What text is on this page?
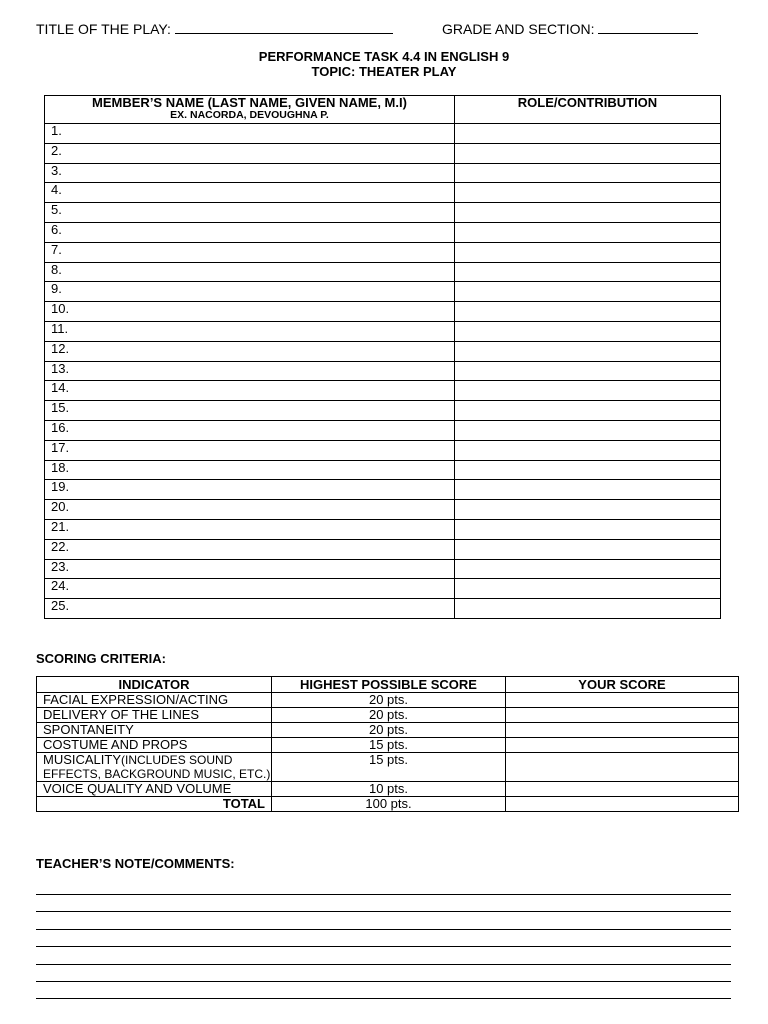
TITLE OF THE PLAY:	GRADE AND SECTION:
PERFORMANCE TASK 4.4 IN ENGLISH 9
TOPIC: THEATER PLAY
MEMBER’S NAME (LAST NAME, GIVEN NAME, M.I)
EX. NACORDA, DEVOUGHNA P.	ROLE/CONTRIBUTION
1.	
2.	
3.	
4.	
5.	
6.	
7.	
8.	
9.	
10.	
11.	
12.	
13.	
14.	
15.	
16.	
17.	
18.	
19.	
20.	
21.	
22.	
23.	
24.	
25.	
SCORING CRITERIA:
INDICATOR	HIGHEST POSSIBLE SCORE	YOUR SCORE
FACIAL EXPRESSION/ACTING	20 pts.	
DELIVERY OF THE LINES	20 pts.	
SPONTANEITY	20 pts.	
COSTUME AND PROPS	15 pts.	
MUSICALITY(INCLUDES SOUND EFFECTS, BACKGROUND MUSIC, ETC.)	15 pts.	
VOICE QUALITY AND VOLUME	10 pts.	
TOTAL	100 pts.	
TEACHER’S NOTE/COMMENTS:
